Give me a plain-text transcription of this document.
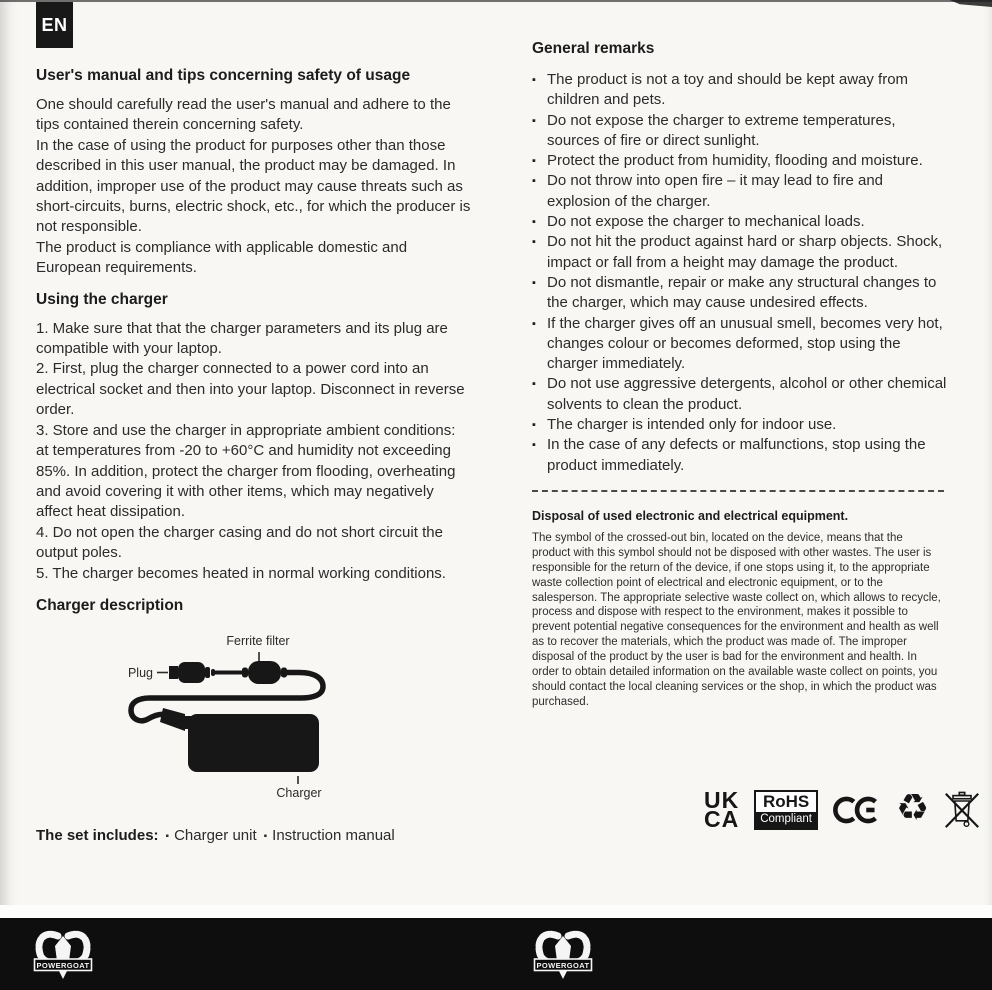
EN
User's manual and tips concerning safety of usage

One should carefully read the user's manual and adhere to the tips contained therein concerning safety.

In the case of using the product for purposes other than those described in this user manual, the product may be damaged. In addition, improper use of the product may cause threats such as short-circuits, burns, electric shock, etc., for which the producer is not responsible.

The product is compliance with applicable domestic and European requirements.

Using the charger

1. Make sure that that the charger parameters and its plug are compatible with your laptop.

2. First, plug the charger connected to a power cord into an electrical socket and then into your laptop. Disconnect in reverse order.

3. Store and use the charger in appropriate ambient conditions: at temperatures from -20 to +60°C and humidity not exceeding 85%. In addition, protect the charger from flooding, overheating and avoid covering it with other items, which may negatively affect heat dissipation.

4. Do not open the charger casing and do not short circuit the output poles.

5. The charger becomes heated in normal working conditions.

Charger description
Ferrite filter
Plug
Charger

The set includes: ▪ Charger unit ▪ Instruction manual

General remarks
▪ The product is not a toy and should be kept away from children and pets.
▪ Do not expose the charger to extreme temperatures, sources of fire or direct sunlight.
▪ Protect the product from humidity, flooding and moisture.
▪ Do not throw into open fire – it may lead to fire and explosion of the charger.
▪ Do not expose the charger to mechanical loads.
▪ Do not hit the product against hard or sharp objects. Shock, impact or fall from a height may damage the product.
▪ Do not dismantle, repair or make any structural changes to the charger, which may cause undesired effects.
▪ If the charger gives off an unusual smell, becomes very hot, changes colour or becomes deformed, stop using the charger immediately.
▪ Do not use aggressive detergents, alcohol or other chemical solvents to clean the product.
▪ The charger is intended only for indoor use.
▪ In the case of any defects or malfunctions, stop using the product immediately.
Disposal of used electronic and electrical equipment.

The symbol of the crossed-out bin, located on the device, means that the product with this symbol should not be disposed with other wastes. The user is responsible for the return of the device, if one stops using it, to the appropriate waste collection point of electrical and electronic equipment, or to the salesperson. The appropriate selective waste collect on, which allows to recycle, process and dispose with respect to the environment, makes it possible to prevent potential negative consequences for the environment and health as well as to recover the materials, which the product was made of. The improper disposal of the product by the user is bad for the environment and health. In order to obtain detailed information on the available waste collect on points, you should contact the local cleaning services or the shop, in which the product was purchased.

UK
CA
RoHS
Compliant ♻
POWERGOAT	POWERGOAT
